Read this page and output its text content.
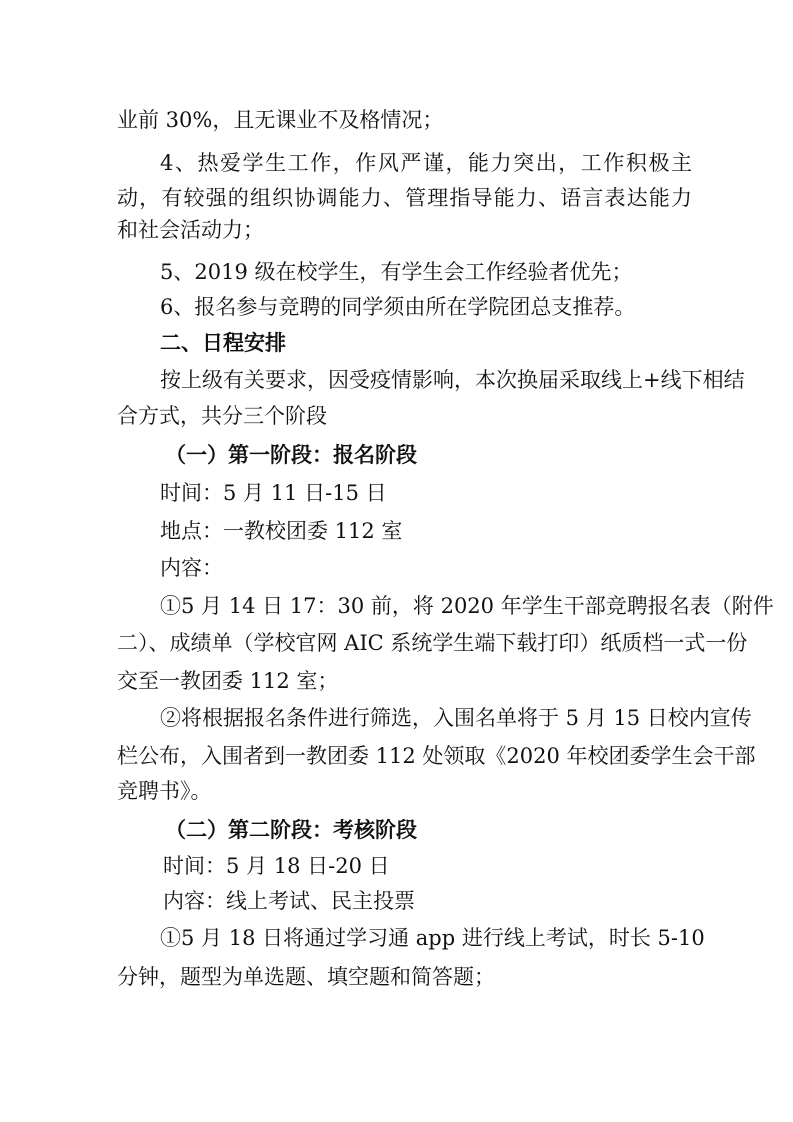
业前 30%，且无课业不及格情况；
4、热爱学生工作，作风严谨，能力突出，工作积极主
动，有较强的组织协调能力、管理指导能力、语言表达能力
和社会活动力；
5、2019 级在校学生，有学生会工作经验者优先；
6、报名参与竞聘的同学须由所在学院团总支推荐。
二、日程安排
按上级有关要求，因受疫情影响，本次换届采取线上+线下相结
合方式，共分三个阶段
（一）第一阶段：报名阶段
时间：5 月 11 日-15 日
地点：一教校团委 112 室
内容：
①5 月 14 日 17：30 前，将 2020 年学生干部竞聘报名表（附件
二）、成绩单（学校官网 AIC 系统学生端下载打印）纸质档一式一份
交至一教团委 112 室；
②将根据报名条件进行筛选，入围名单将于 5 月 15 日校内宣传
栏公布，入围者到一教团委 112 处领取《2020 年校团委学生会干部
竞聘书》。
（二）第二阶段：考核阶段
时间：5 月 18 日-20 日
内容：线上考试、民主投票
①5 月 18 日将通过学习通 app 进行线上考试，时长 5-10
分钟，题型为单选题、填空题和简答题；
